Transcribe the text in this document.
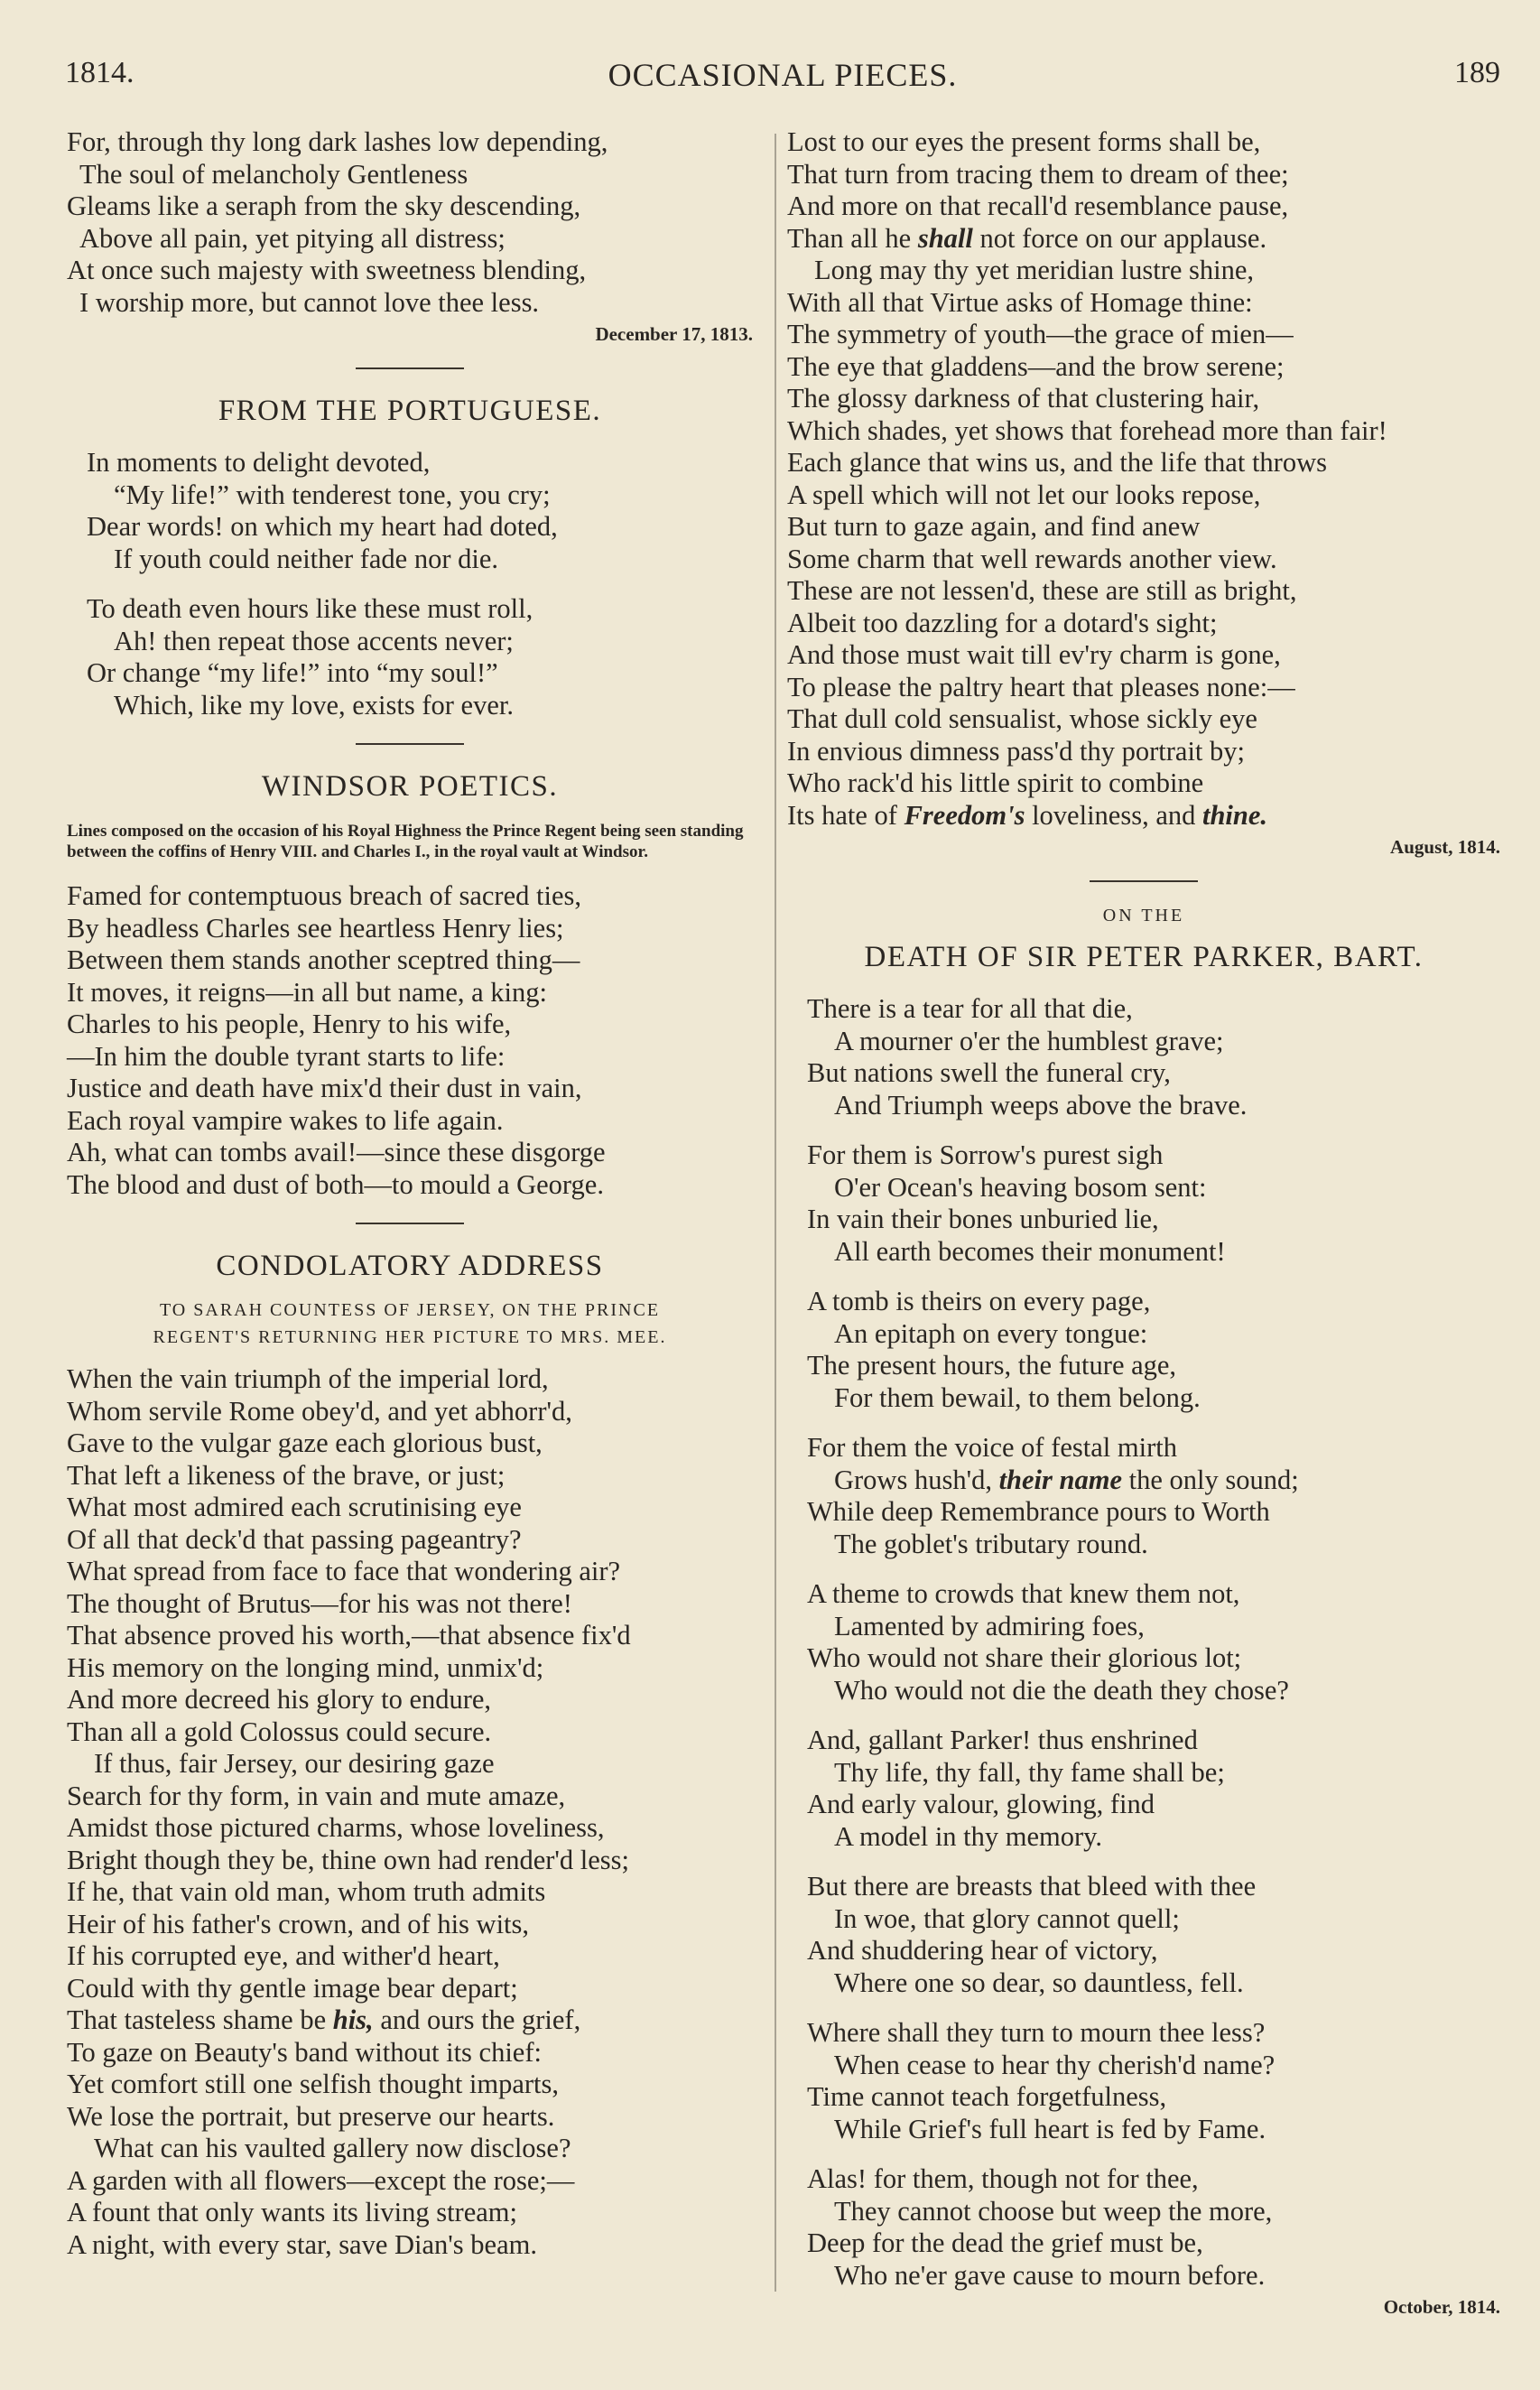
1814.	OCCASIONAL PIECES.	189
For, through thy long dark lashes low depending,
The soul of melancholy Gentleness
Gleams like a seraph from the sky descending,
Above all pain, yet pitying all distress;
At once such majesty with sweetness blending,
I worship more, but cannot love thee less.
December 17, 1813.
FROM THE PORTUGUESE.
In moments to delight devoted,
“My life!” with tenderest tone, you cry;
Dear words! on which my heart had doted,
If youth could neither fade nor die.
To death even hours like these must roll,
Ah! then repeat those accents never;
Or change “my life!” into “my soul!”
Which, like my love, exists for ever.
WINDSOR POETICS.
Lines composed on the occasion of his Royal Highness the Prince Regent being seen standing between the coffins of Henry VIII. and Charles I., in the royal vault at Windsor.
Famed for contemptuous breach of sacred ties,
By headless Charles see heartless Henry lies;
Between them stands another sceptred thing—
It moves, it reigns—in all but name, a king:
Charles to his people, Henry to his wife,
—In him the double tyrant starts to life:
Justice and death have mix'd their dust in vain,
Each royal vampire wakes to life again.
Ah, what can tombs avail!—since these disgorge
The blood and dust of both—to mould a George.
CONDOLATORY ADDRESS
TO SARAH COUNTESS OF JERSEY, ON THE PRINCE
REGENT'S RETURNING HER PICTURE TO MRS. MEE.
When the vain triumph of the imperial lord,
Whom servile Rome obey'd, and yet abhorr'd,
Gave to the vulgar gaze each glorious bust,
That left a likeness of the brave, or just;
What most admired each scrutinising eye
Of all that deck'd that passing pageantry?
What spread from face to face that wondering air?
The thought of Brutus—for his was not there!
That absence proved his worth,—that absence fix'd
His memory on the longing mind, unmix'd;
And more decreed his glory to endure,
Than all a gold Colossus could secure.
If thus, fair Jersey, our desiring gaze
Search for thy form, in vain and mute amaze,
Amidst those pictured charms, whose loveliness,
Bright though they be, thine own had render'd less;
If he, that vain old man, whom truth admits
Heir of his father's crown, and of his wits,
If his corrupted eye, and wither'd heart,
Could with thy gentle image bear depart;
That tasteless shame be his, and ours the grief,
To gaze on Beauty's band without its chief:
Yet comfort still one selfish thought imparts,
We lose the portrait, but preserve our hearts.
What can his vaulted gallery now disclose?
A garden with all flowers—except the rose;—
A fount that only wants its living stream;
A night, with every star, save Dian's beam.
Lost to our eyes the present forms shall be,
That turn from tracing them to dream of thee;
And more on that recall'd resemblance pause,
Than all he shall not force on our applause.
Long may thy yet meridian lustre shine,
With all that Virtue asks of Homage thine:
The symmetry of youth—the grace of mien—
The eye that gladdens—and the brow serene;
The glossy darkness of that clustering hair,
Which shades, yet shows that forehead more than fair!
Each glance that wins us, and the life that throws
A spell which will not let our looks repose,
But turn to gaze again, and find anew
Some charm that well rewards another view.
These are not lessen'd, these are still as bright,
Albeit too dazzling for a dotard's sight;
And those must wait till ev'ry charm is gone,
To please the paltry heart that pleases none:—
That dull cold sensualist, whose sickly eye
In envious dimness pass'd thy portrait by;
Who rack'd his little spirit to combine
Its hate of Freedom's loveliness, and thine.
August, 1814.
ON THE
DEATH OF SIR PETER PARKER, BART.
There is a tear for all that die,
A mourner o'er the humblest grave;
But nations swell the funeral cry,
And Triumph weeps above the brave.
For them is Sorrow's purest sigh
O'er Ocean's heaving bosom sent:
In vain their bones unburied lie,
All earth becomes their monument!
A tomb is theirs on every page,
An epitaph on every tongue:
The present hours, the future age,
For them bewail, to them belong.
For them the voice of festal mirth
Grows hush'd, their name the only sound;
While deep Remembrance pours to Worth
The goblet's tributary round.
A theme to crowds that knew them not,
Lamented by admiring foes,
Who would not share their glorious lot;
Who would not die the death they chose?
And, gallant Parker! thus enshrined
Thy life, thy fall, thy fame shall be;
And early valour, glowing, find
A model in thy memory.
But there are breasts that bleed with thee
In woe, that glory cannot quell;
And shuddering hear of victory,
Where one so dear, so dauntless, fell.
Where shall they turn to mourn thee less?
When cease to hear thy cherish'd name?
Time cannot teach forgetfulness,
While Grief's full heart is fed by Fame.
Alas! for them, though not for thee,
They cannot choose but weep the more,
Deep for the dead the grief must be,
Who ne'er gave cause to mourn before.
October, 1814.
